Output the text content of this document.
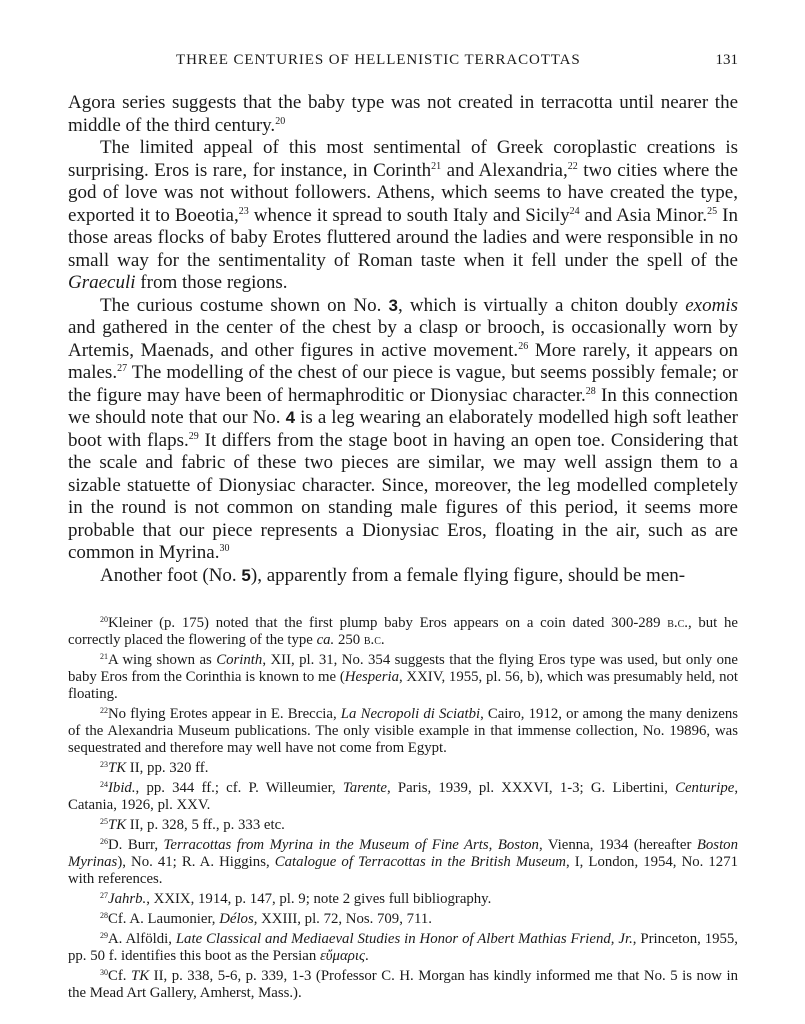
THREE CENTURIES OF HELLENISTIC TERRACOTTAS	131

Agora series suggests that the baby type was not created in terracotta until nearer the middle of the third century.$^{20}$

The limited appeal of this most sentimental of Greek coroplastic creations is surprising. Eros is rare, for instance, in Corinth$^{21}$ and Alexandria,$^{22}$ two cities where the god of love was not without followers. Athens, which seems to have created the type, exported it to Boeotia,$^{23}$ whence it spread to south Italy and Sicily$^{24}$ and Asia Minor.$^{25}$ In those areas flocks of baby Erotes fluttered around the ladies and were responsible in no small way for the sentimentality of Roman taste when it fell under the spell of the Graeculi from those regions.

The curious costume shown on No. 3, which is virtually a chiton doubly exomis and gathered in the center of the chest by a clasp or brooch, is occasionally worn by Artemis, Maenads, and other figures in active movement.$^{26}$ More rarely, it appears on males.$^{27}$ The modelling of the chest of our piece is vague, but seems possibly female; or the figure may have been of hermaphroditic or Dionysiac character.$^{28}$ In this connection we should note that our No. 4 is a leg wearing an elaborately modelled high soft leather boot with flaps.$^{29}$ It differs from the stage boot in having an open toe. Considering that the scale and fabric of these two pieces are similar, we may well assign them to a sizable statuette of Dionysiac character. Since, moreover, the leg modelled completely in the round is not common on standing male figures of this period, it seems more probable that our piece represents a Dionysiac Eros, floating in the air, such as are common in Myrina.$^{30}$

Another foot (No. 5), apparently from a female flying figure, should be men-

$^{20}$Kleiner (p. 175) noted that the first plump baby Eros appears on a coin dated 300-289 b.c., but he correctly placed the flowering of the type ca. 250 b.c.

$^{21}$A wing shown as Corinth, XII, pl. 31, No. 354 suggests that the flying Eros type was used, but only one baby Eros from the Corinthia is known to me (Hesperia, XXIV, 1955, pl. 56, b), which was presumably held, not floating.

$^{22}$No flying Erotes appear in E. Breccia, La Necropoli di Sciatbi, Cairo, 1912, or among the many denizens of the Alexandria Museum publications. The only visible example in that immense collection, No. 19896, was sequestrated and therefore may well have not come from Egypt.

$^{23}$TK II, pp. 320 ff.

$^{24}$Ibid., pp. 344 ff.; cf. P. Willeumier, Tarente, Paris, 1939, pl. XXXVI, 1-3; G. Libertini, Centuripe, Catania, 1926, pl. XXV.

$^{25}$TK II, p. 328, 5 ff., p. 333 etc.

$^{26}$D. Burr, Terracottas from Myrina in the Museum of Fine Arts, Boston, Vienna, 1934 (hereafter Boston Myrinas), No. 41; R. A. Higgins, Catalogue of Terracottas in the British Museum, I, London, 1954, No. 1271 with references.

$^{27}$Jahrb., XXIX, 1914, p. 147, pl. 9; note 2 gives full bibliography.

$^{28}$Cf. A. Laumonier, Délos, XXIII, pl. 72, Nos. 709, 711.

$^{29}$A. Alföldi, Late Classical and Mediaeval Studies in Honor of Albert Mathias Friend, Jr., Princeton, 1955, pp. 50 f. identifies this boot as the Persian εὔμαρις.

$^{30}$Cf. TK II, p. 338, 5-6, p. 339, 1-3 (Professor C. H. Morgan has kindly informed me that No. 5 is now in the Mead Art Gallery, Amherst, Mass.).
